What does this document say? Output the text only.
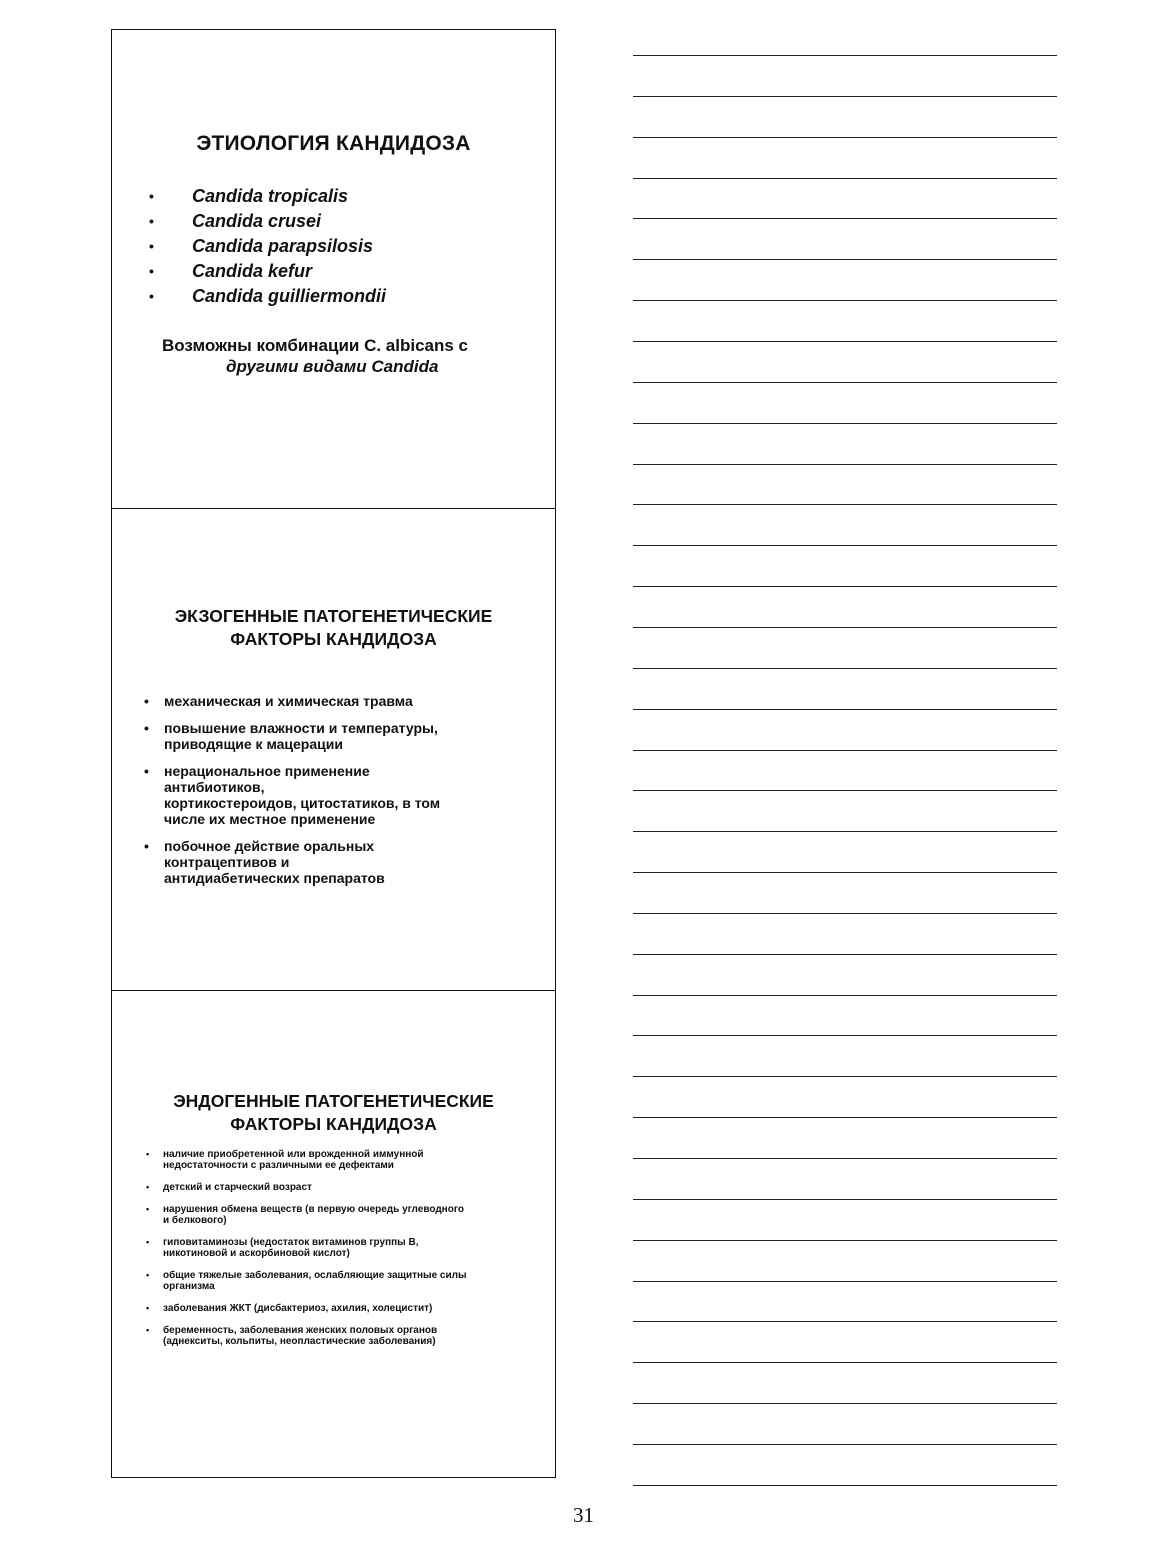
ЭТИОЛОГИЯ КАНДИДОЗА
• Candida tropicalis
• Candida crusei
• Candida parapsilosis
• Candida kefur
• Candida guilliermondii
Возможны комбинации C. albicans с
другими видами Candida
ЭКЗОГЕННЫЕ ПАТОГЕНЕТИЧЕСКИЕ
ФАКТОРЫ КАНДИДОЗА
• механическая и химическая травма
• повышение влажности и температуры,
приводящие к мацерации
• нерациональное применение
антибиотиков,
кортикостероидов, цитостатиков, в том
числе их местное применение
• побочное действие оральных
контрацептивов и
антидиабетических препаратов
ЭНДОГЕННЫЕ ПАТОГЕНЕТИЧЕСКИЕ
ФАКТОРЫ КАНДИДОЗА
• наличие приобретенной или врожденной иммунной
недостаточности с различными ее дефектами
• детский и старческий возраст
• нарушения обмена веществ (в первую очередь углеводного
и белкового)
• гиповитаминозы (недостаток витаминов группы В,
никотиновой и аскорбиновой кислот)
• общие тяжелые заболевания, ослабляющие защитные силы
организма
• заболевания ЖКТ (дисбактериоз, ахилия, холецистит)
• беременность, заболевания женских половых органов
(аднекситы, кольпиты, неопластические заболевания)
31
